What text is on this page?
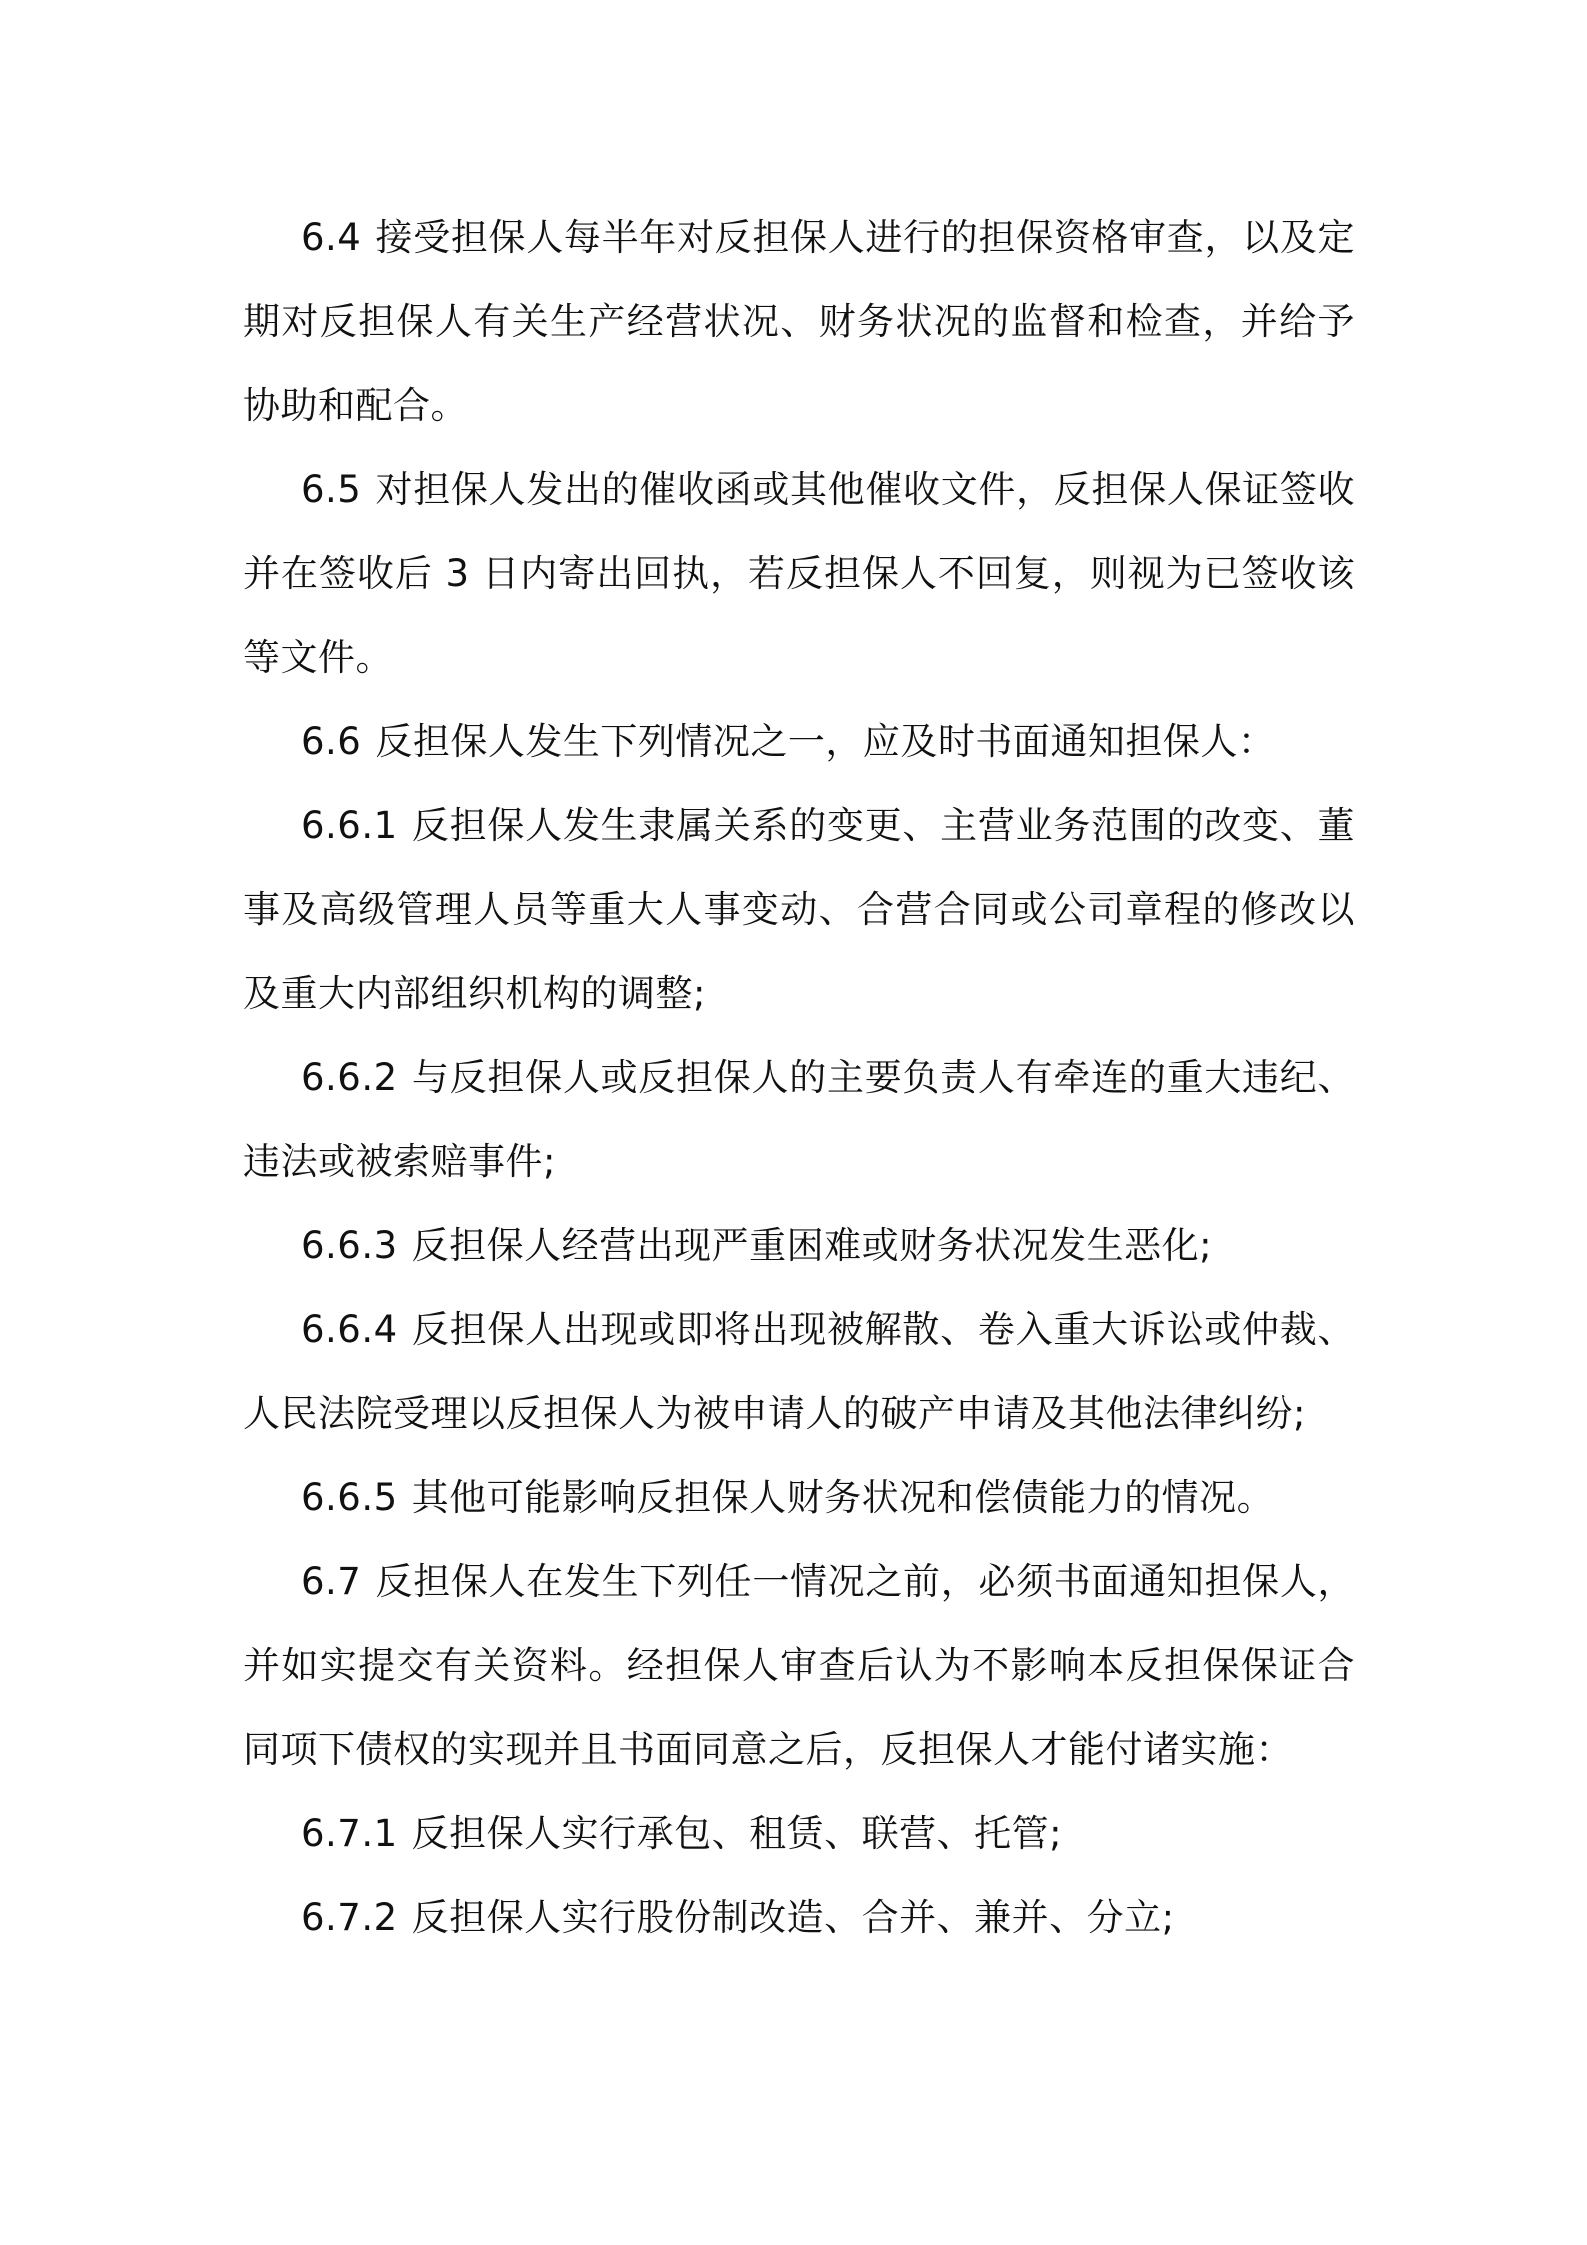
6.4 接受担保人每半年对反担保人进行的担保资格审查，以及定期对反担保人有关生产经营状况、财务状况的监督和检查，并给予协助和配合。

6.5 对担保人发出的催收函或其他催收文件，反担保人保证签收并在签收后 3 日内寄出回执，若反担保人不回复，则视为已签收该等文件。

6.6 反担保人发生下列情况之一，应及时书面通知担保人：

6.6.1 反担保人发生隶属关系的变更、主营业务范围的改变、董事及高级管理人员等重大人事变动、合营合同或公司章程的修改以及重大内部组织机构的调整;

6.6.2 与反担保人或反担保人的主要负责人有牵连的重大违纪、违法或被索赔事件;

6.6.3 反担保人经营出现严重困难或财务状况发生恶化;

6.6.4 反担保人出现或即将出现被解散、卷入重大诉讼或仲裁、人民法院受理以反担保人为被申请人的破产申请及其他法律纠纷;

6.6.5 其他可能影响反担保人财务状况和偿债能力的情况。

6.7 反担保人在发生下列任一情况之前，必须书面通知担保人，并如实提交有关资料。经担保人审查后认为不影响本反担保保证合同项下债权的实现并且书面同意之后，反担保人才能付诸实施：

6.7.1 反担保人实行承包、租赁、联营、托管;

6.7.2 反担保人实行股份制改造、合并、兼并、分立;
